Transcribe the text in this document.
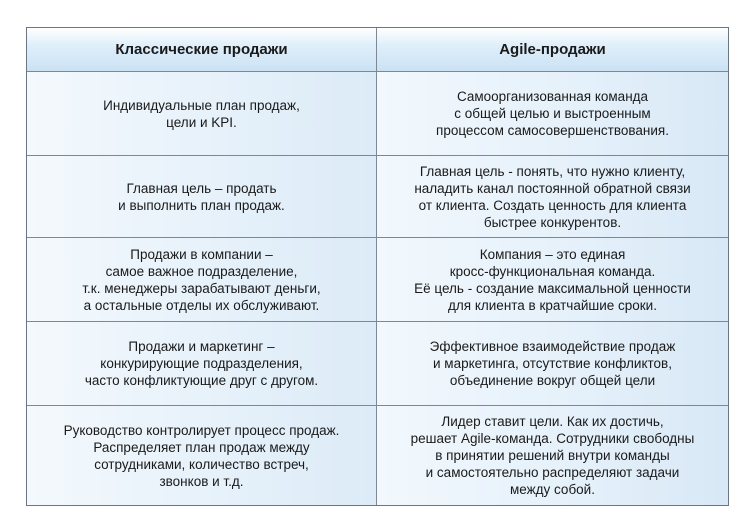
Классические продажи	Agile-продажи
Индивидуальные план продаж,
цели и KPI.
Самоорганизованная команда
с общей целью и выстроенным
процессом самосовершенствования.
Главная цель – продать
и выполнить план продаж.
Главная цель - понять, что нужно клиенту,
наладить канал постоянной обратной связи
от клиента. Создать ценность для клиента
быстрее конкурентов.
Продажи в компании –
самое важное подразделение,
т.к. менеджеры зарабатывают деньги,
а остальные отделы их обслуживают.
Компания – это единая
кросс-функциональная команда.
Её цель - создание максимальной ценности
для клиента в кратчайшие сроки.
Продажи и маркетинг –
конкурирующие подразделения,
часто конфликтующие друг с другом.
Эффективное взаимодействие продаж
и маркетинга, отсутствие конфликтов,
объединение вокруг общей цели
Руководство контролирует процесс продаж.
Распределяет план продаж между
сотрудниками, количество встреч,
звонков и т.д.
Лидер ставит цели. Как их достичь,
решает Agile-команда. Сотрудники свободны
в принятии решений внутри команды
и самостоятельно распределяют задачи
между собой.
